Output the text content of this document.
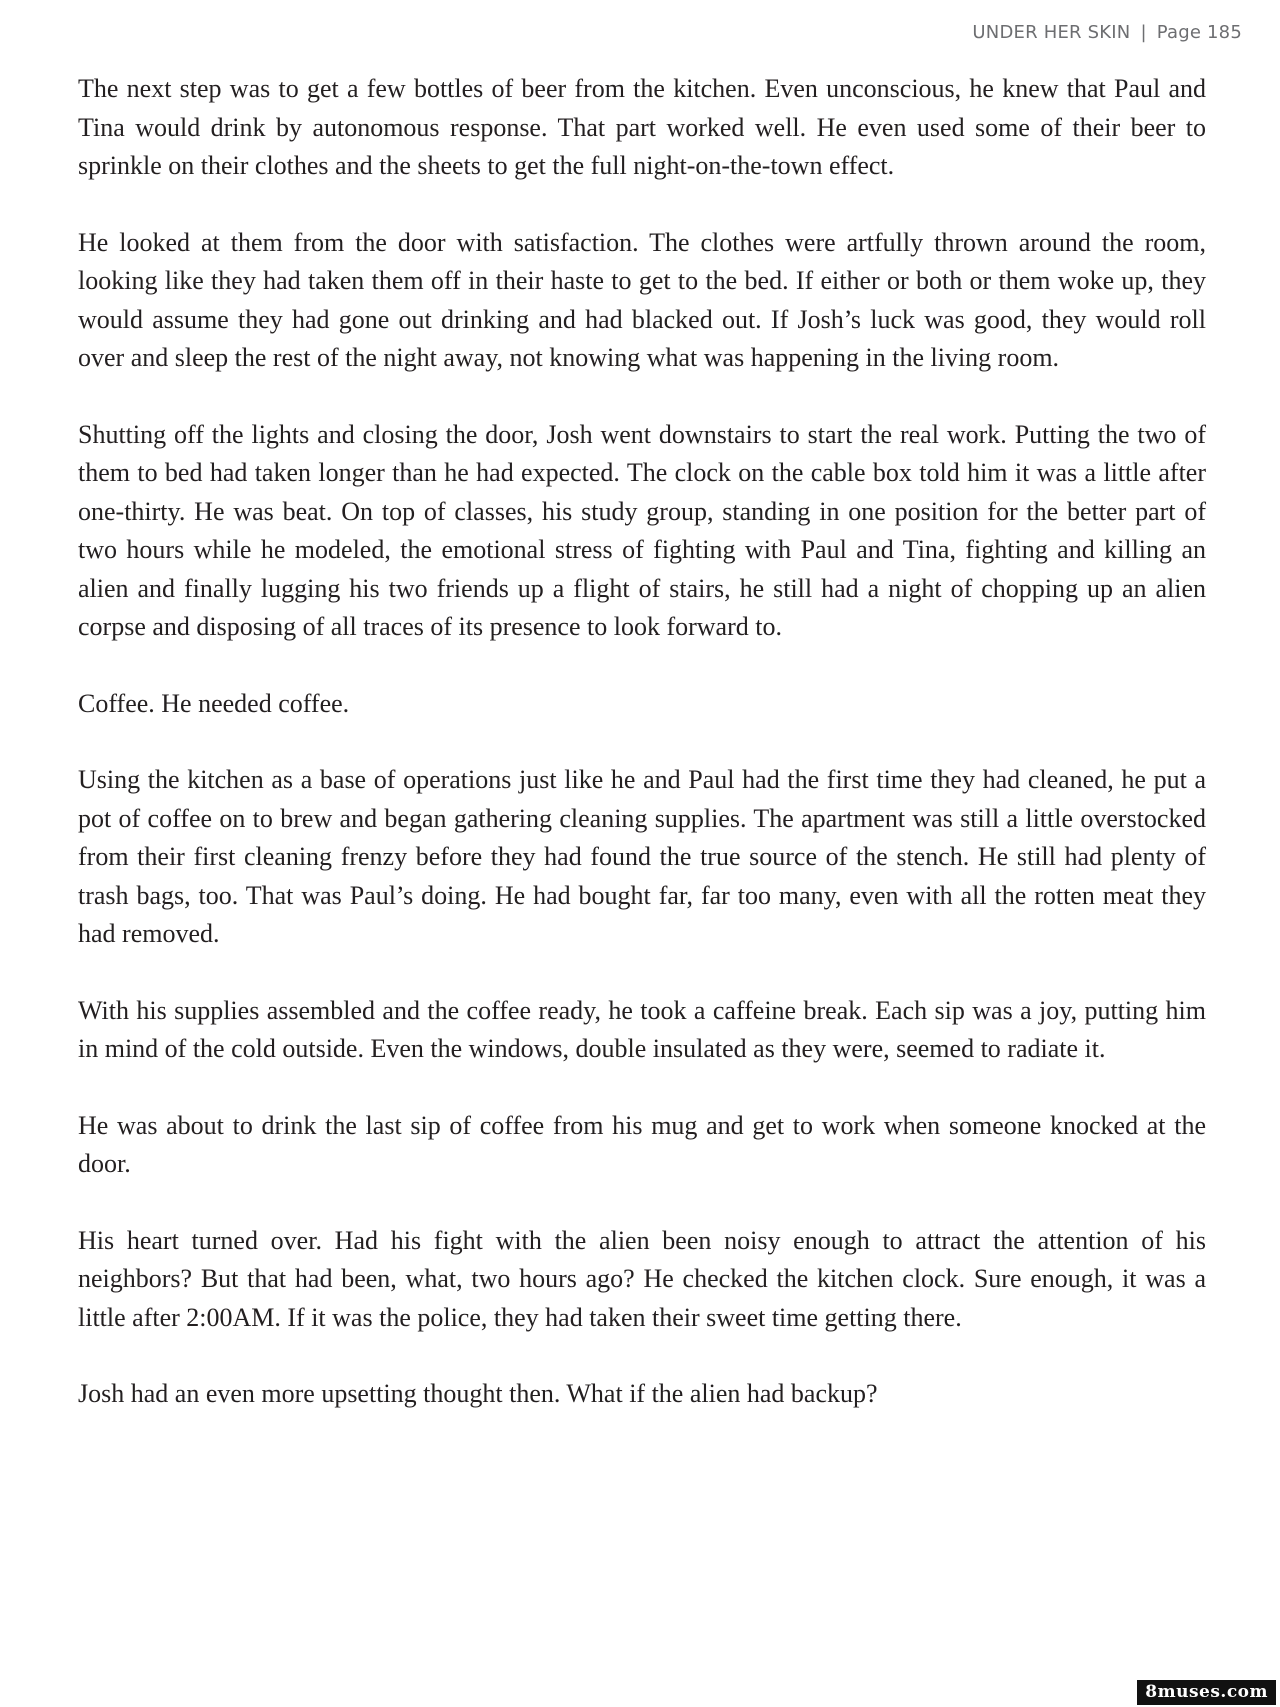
UNDER HER SKIN | Page 185

The next step was to get a few bottles of beer from the kitchen. Even unconscious, he knew that Paul and Tina would drink by autonomous response. That part worked well. He even used some of their beer to sprinkle on their clothes and the sheets to get the full night-on-the-town effect.

He looked at them from the door with satisfaction. The clothes were artfully thrown around the room, looking like they had taken them off in their haste to get to the bed. If either or both or them woke up, they would assume they had gone out drinking and had blacked out. If Josh’s luck was good, they would roll over and sleep the rest of the night away, not knowing what was happening in the living room.

Shutting off the lights and closing the door, Josh went downstairs to start the real work. Putting the two of them to bed had taken longer than he had expected. The clock on the cable box told him it was a little after one-thirty. He was beat. On top of classes, his study group, standing in one position for the better part of two hours while he modeled, the emotional stress of fighting with Paul and Tina, fighting and killing an alien and finally lugging his two friends up a flight of stairs, he still had a night of chopping up an alien corpse and disposing of all traces of its presence to look forward to.

Coffee. He needed coffee.

Using the kitchen as a base of operations just like he and Paul had the first time they had cleaned, he put a pot of coffee on to brew and began gathering cleaning supplies. The apartment was still a little overstocked from their first cleaning frenzy before they had found the true source of the stench. He still had plenty of trash bags, too. That was Paul’s doing. He had bought far, far too many, even with all the rotten meat they had removed.

With his supplies assembled and the coffee ready, he took a caffeine break. Each sip was a joy, putting him in mind of the cold outside. Even the windows, double insulated as they were, seemed to radiate it.

He was about to drink the last sip of coffee from his mug and get to work when someone knocked at the door.

His heart turned over. Had his fight with the alien been noisy enough to attract the attention of his neighbors? But that had been, what, two hours ago? He checked the kitchen clock. Sure enough, it was a little after 2:00AM. If it was the police, they had taken their sweet time getting there.

Josh had an even more upsetting thought then. What if the alien had backup?

8muses.com
